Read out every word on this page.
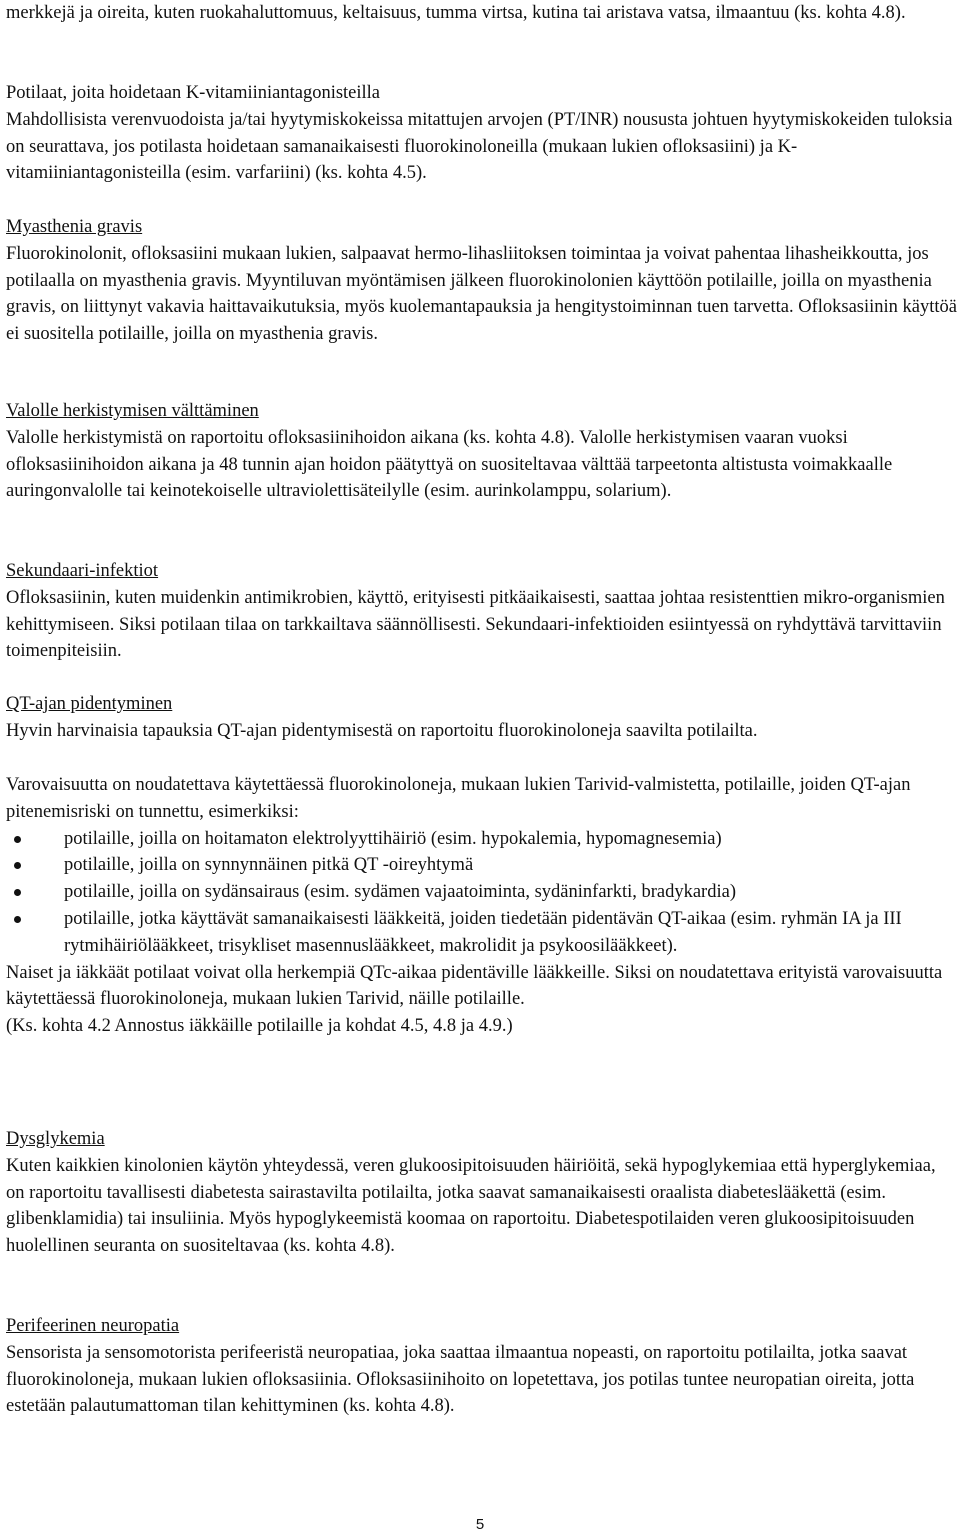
merkkejä ja oireita, kuten ruokahaluttomuus, keltaisuus, tumma virtsa, kutina tai aristava vatsa, ilmaantuu (ks. kohta 4.8).

Potilaat, joita hoidetaan K-vitamiiniantagonisteilla

Mahdollisista verenvuodoista ja/tai hyytymiskokeissa mitattujen arvojen (PT/INR) noususta johtuen hyytymiskokeiden tuloksia on seurattava, jos potilasta hoidetaan samanaikaisesti fluorokinoloneilla (mukaan lukien ofloksasiini) ja K-vitamiiniantagonisteilla (esim. varfariini) (ks. kohta 4.5).

Myasthenia gravis

Fluorokinolonit, ofloksasiini mukaan lukien, salpaavat hermo-lihasliitoksen toimintaa ja voivat pahentaa lihasheikkoutta, jos potilaalla on myasthenia gravis. Myyntiluvan myöntämisen jälkeen fluorokinolonien käyttöön potilaille, joilla on myasthenia gravis, on liittynyt vakavia haittavaikutuksia, myös kuolemantapauksia ja hengitystoiminnan tuen tarvetta. Ofloksasiinin käyttöä ei suositella potilaille, joilla on myasthenia gravis.

Valolle herkistymisen välttäminen

Valolle herkistymistä on raportoitu ofloksasiinihoidon aikana (ks. kohta 4.8). Valolle herkistymisen vaaran vuoksi ofloksasiinihoidon aikana ja 48 tunnin ajan hoidon päätyttyä on suositeltavaa välttää tarpeetonta altistusta voimakkaalle auringonvalolle tai keinotekoiselle ultraviolettisäteilylle (esim. aurinkolamppu, solarium).

Sekundaari-infektiot

Ofloksasiinin, kuten muidenkin antimikrobien, käyttö, erityisesti pitkäaikaisesti, saattaa johtaa resistenttien mikro-organismien kehittymiseen. Siksi potilaan tilaa on tarkkailtava säännöllisesti. Sekundaari-infektioiden esiintyessä on ryhdyttävä tarvittaviin toimenpiteisiin.

QT-ajan pidentyminen

Hyvin harvinaisia tapauksia QT-ajan pidentymisestä on raportoitu fluorokinoloneja saavilta potilailta.

Varovaisuutta on noudatettava käytettäessä fluorokinoloneja, mukaan lukien Tarivid-valmistetta, potilaille, joiden QT-ajan pitenemisriski on tunnettu, esimerkiksi:

potilaille, joilla on hoitamaton elektrolyyttihäiriö (esim. hypokalemia, hypomagnesemia)
potilaille, joilla on synnynnäinen pitkä QT -oireyhtymä
potilaille, joilla on sydänsairaus (esim. sydämen vajaatoiminta, sydäninfarkti, bradykardia)
potilaille, jotka käyttävät samanaikaisesti lääkkeitä, joiden tiedetään pidentävän QT-aikaa (esim. ryhmän IA ja III rytmihäiriölääkkeet, trisykliset masennuslääkkeet, makrolidit ja psykoosilääkkeet).

Naiset ja iäkkäät potilaat voivat olla herkempiä QTc-aikaa pidentäville lääkkeille. Siksi on noudatettava erityistä varovaisuutta käytettäessä fluorokinoloneja, mukaan lukien Tarivid, näille potilaille.

(Ks. kohta 4.2 Annostus iäkkäille potilaille ja kohdat 4.5, 4.8 ja 4.9.)

Dysglykemia

Kuten kaikkien kinolonien käytön yhteydessä, veren glukoosipitoisuuden häiriöitä, sekä hypoglykemiaa että hyperglykemiaa, on raportoitu tavallisesti diabetesta sairastavilta potilailta, jotka saavat samanaikaisesti oraalista diabeteslääkettä (esim. glibenklamidia) tai insuliinia. Myös hypoglykeemistä koomaa on raportoitu. Diabetespotilaiden veren glukoosipitoisuuden huolellinen seuranta on suositeltavaa (ks. kohta 4.8).

Perifeerinen neuropatia

Sensorista ja sensomotorista perifeeristä neuropatiaa, joka saattaa ilmaantua nopeasti, on raportoitu potilailta, jotka saavat fluorokinoloneja, mukaan lukien ofloksasiinia. Ofloksasiinihoito on lopetettava, jos potilas tuntee neuropatian oireita, jotta estetään palautumattoman tilan kehittyminen (ks. kohta 4.8).

5
